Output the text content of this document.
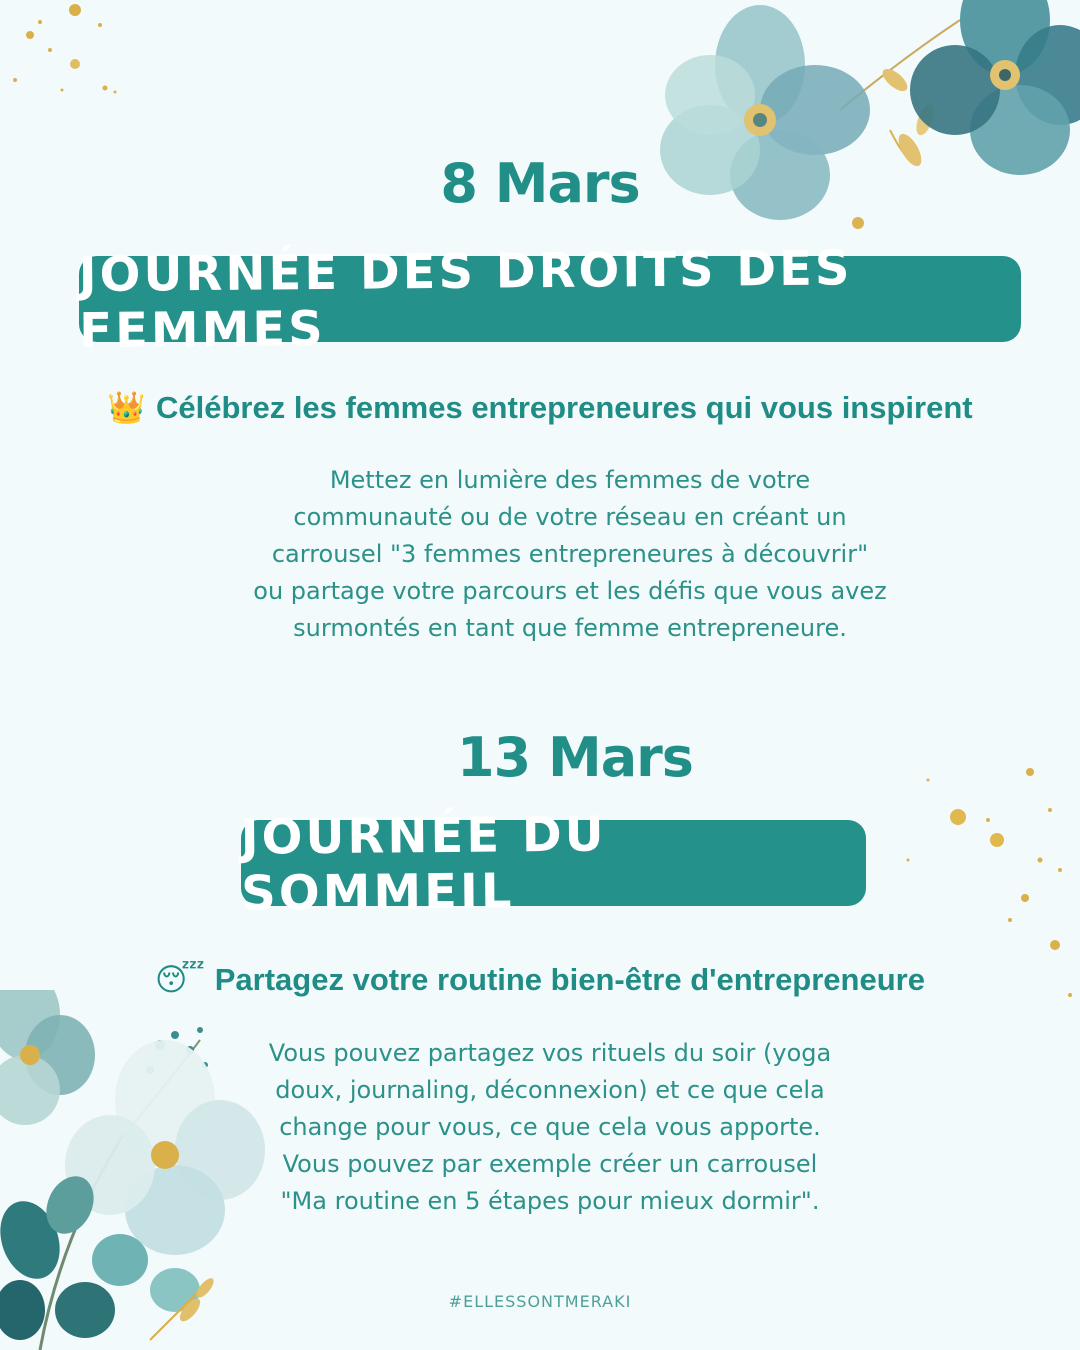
8 Mars
JOURNÉE DES DROITS DES FEMMES
👑 Célébrez les femmes entrepreneures qui vous inspirent
Mettez en lumière des femmes de votre
communauté ou de votre réseau en créant un
carrousel "3 femmes entrepreneures à découvrir"
ou partage votre parcours et les défis que vous avez
surmontés en tant que femme entrepreneure.
13 Mars
JOURNÉE DU SOMMEIL
😴 Partagez votre routine bien-être d'entrepreneure
Vous pouvez partagez vos rituels du soir (yoga
doux, journaling, déconnexion) et ce que cela
change pour vous, ce que cela vous apporte.
Vous pouvez par exemple créer un carrousel
"Ma routine en 5 étapes pour mieux dormir".
#ELLESSONTMERAKI
